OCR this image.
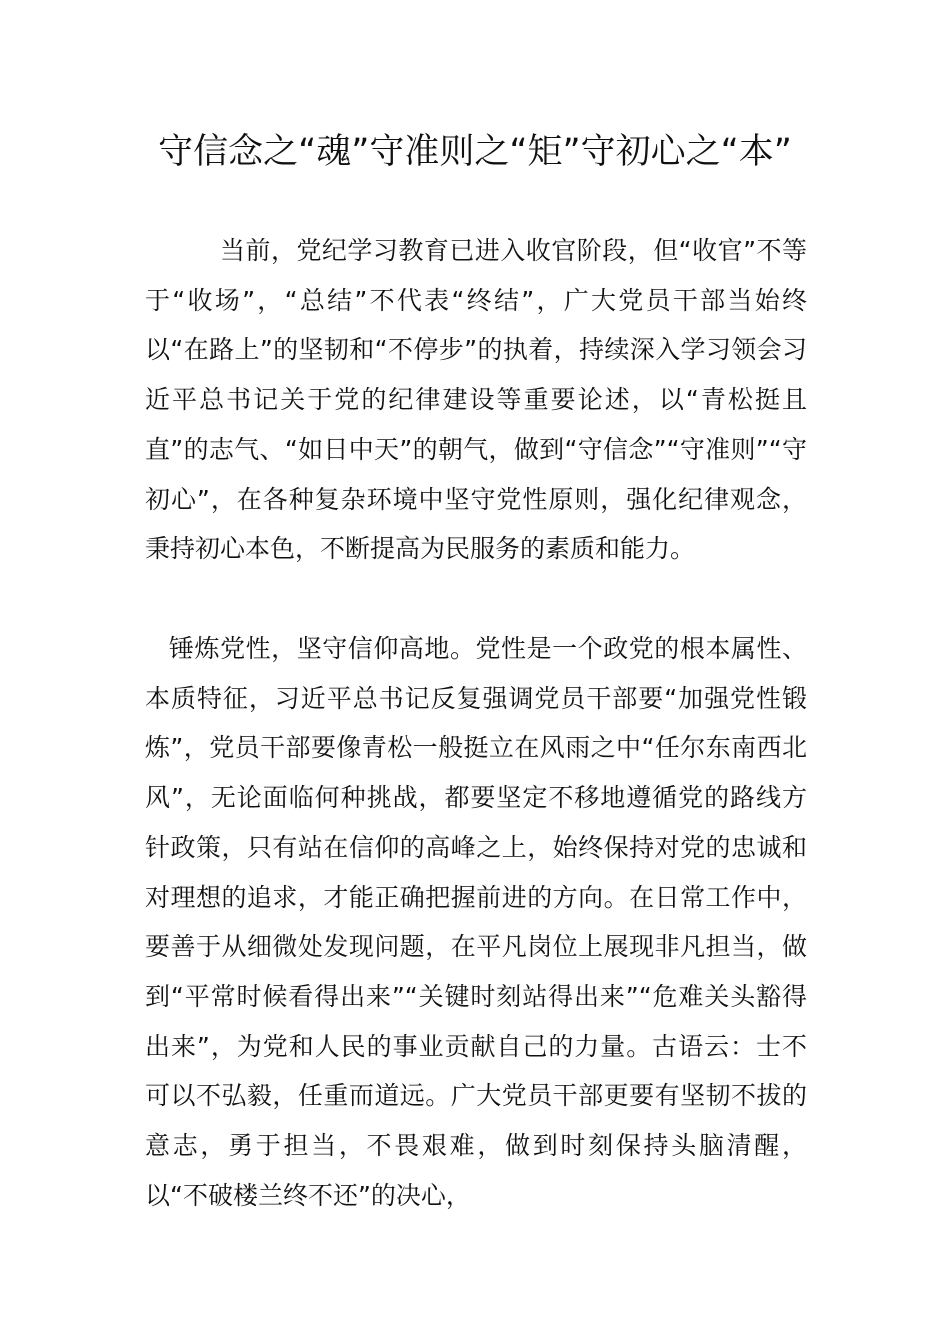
守信念之“魂”守准则之“矩”守初心之“本”

当前，党纪学习教育已进入收官阶段，但“收官”不等于“收场”，“总结”不代表“终结”，广大党员干部当始终以“在路上”的坚韧和“不停步”的执着，持续深入学习领会习近平总书记关于党的纪律建设等重要论述，以“青松挺且直”的志气、“如日中天”的朝气，做到“守信念”“守准则”“守初心”，在各种复杂环境中坚守党性原则，强化纪律观念，秉持初心本色，不断提高为民服务的素质和能力。

锤炼党性，坚守信仰高地。党性是一个政党的根本属性、本质特征，习近平总书记反复强调党员干部要“加强党性锻炼”，党员干部要像青松一般挺立在风雨之中“任尔东南西北风”，无论面临何种挑战，都要坚定不移地遵循党的路线方针政策，只有站在信仰的高峰之上，始终保持对党的忠诚和对理想的追求，才能正确把握前进的方向。在日常工作中，要善于从细微处发现问题，在平凡岗位上展现非凡担当，做到“平常时候看得出来”“关键时刻站得出来”“危难关头豁得出来”，为党和人民的事业贡献自己的力量。古语云：士不可以不弘毅，任重而道远。广大党员干部更要有坚韧不拔的意志，勇于担当，不畏艰难，做到时刻保持头脑清醒，以“不破楼兰终不还”的决心，
